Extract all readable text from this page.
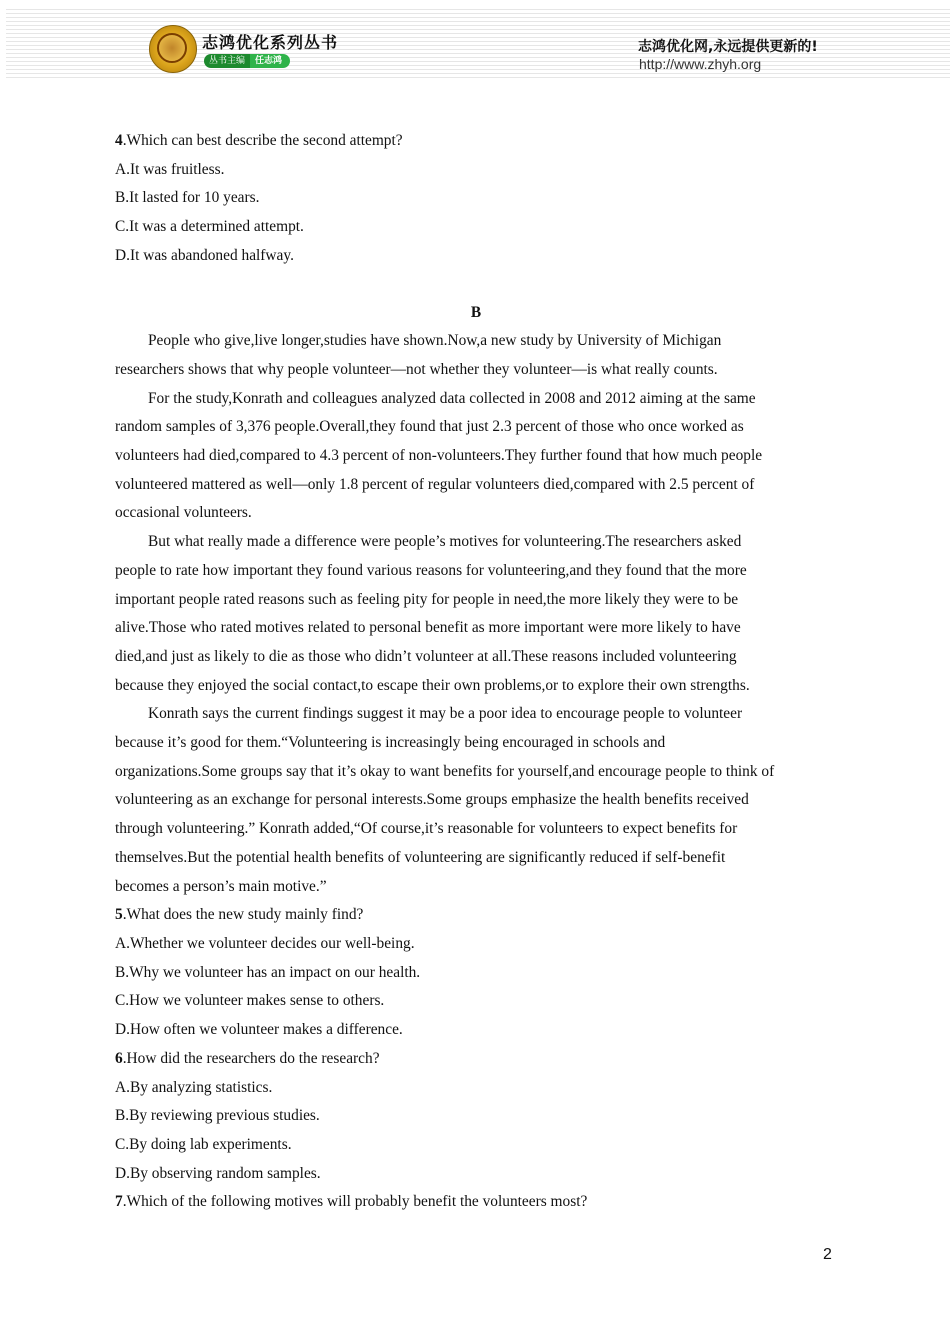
志鸿优化系列丛书
丛书主编	任志鸿
志鸿优化网,永远提供更新的!
http://www.zhyh.org
4.Which can best describe the second attempt?
A.It was fruitless.
B.It lasted for 10 years.
C.It was a determined attempt.
D.It was abandoned halfway.
B
People who give,live longer,studies have shown.Now,a new study by University of Michigan
researchers shows that why people volunteer—not whether they volunteer—is what really counts.
For the study,Konrath and colleagues analyzed data collected in 2008 and 2012 aiming at the same
random samples of 3,376 people.Overall,they found that just 2.3 percent of those who once worked as
volunteers had died,compared to 4.3 percent of non-volunteers.They further found that how much people
volunteered mattered as well—only 1.8 percent of regular volunteers died,compared with 2.5 percent of
occasional volunteers.
But what really made a difference were people’s motives for volunteering.The researchers asked
people to rate how important they found various reasons for volunteering,and they found that the more
important people rated reasons such as feeling pity for people in need,the more likely they were to be
alive.Those who rated motives related to personal benefit as more important were more likely to have
died,and just as likely to die as those who didn’t volunteer at all.These reasons included volunteering
because they enjoyed the social contact,to escape their own problems,or to explore their own strengths.
Konrath says the current findings suggest it may be a poor idea to encourage people to volunteer
because it’s good for them.“Volunteering is increasingly being encouraged in schools and
organizations.Some groups say that it’s okay to want benefits for yourself,and encourage people to think of
volunteering as an exchange for personal interests.Some groups emphasize the health benefits received
through volunteering.” Konrath added,“Of course,it’s reasonable for volunteers to expect benefits for
themselves.But the potential health benefits of volunteering are significantly reduced if self-benefit
becomes a person’s main motive.”
5.What does the new study mainly find?
A.Whether we volunteer decides our well-being.
B.Why we volunteer has an impact on our health.
C.How we volunteer makes sense to others.
D.How often we volunteer makes a difference.
6.How did the researchers do the research?
A.By analyzing statistics.
B.By reviewing previous studies.
C.By doing lab experiments.
D.By observing random samples.
7.Which of the following motives will probably benefit the volunteers most?
2
